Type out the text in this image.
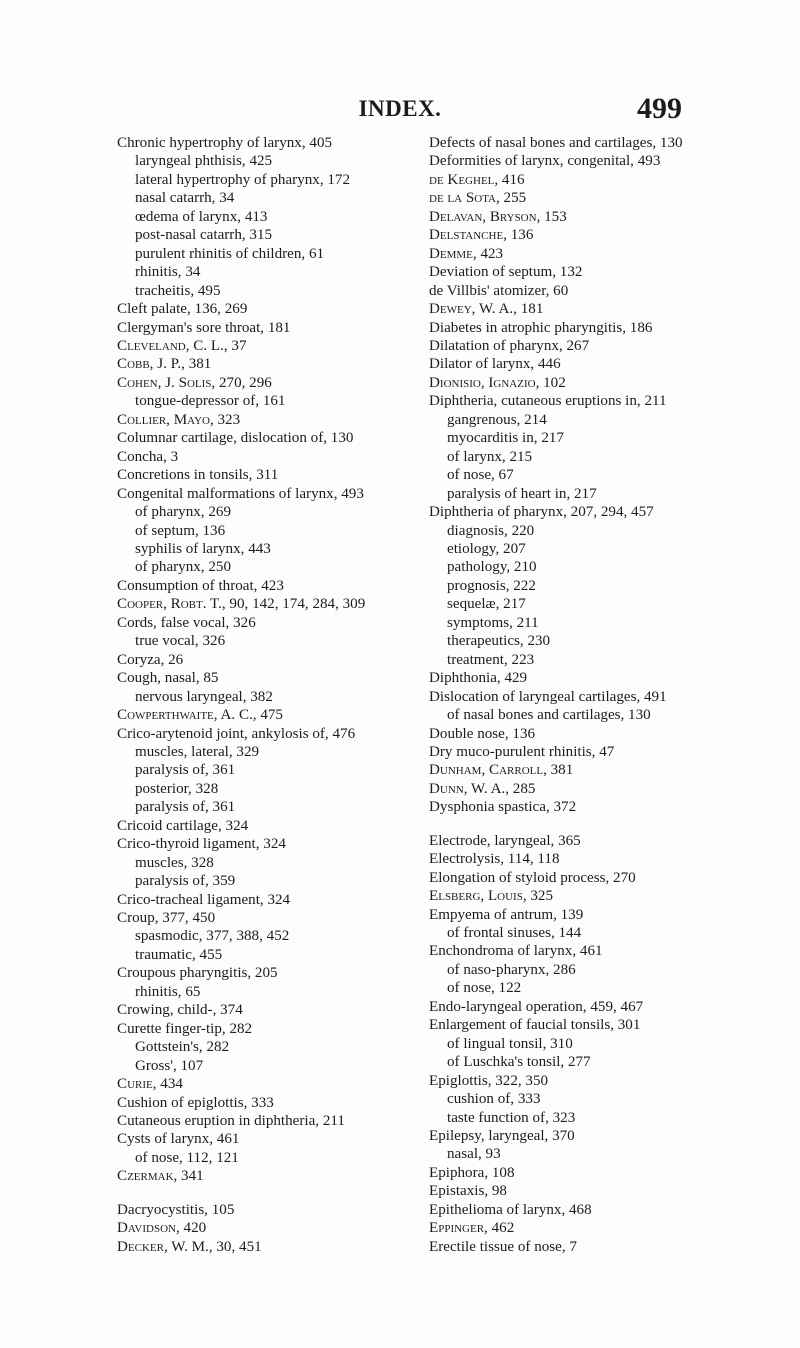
INDEX.	499
Chronic hypertrophy of larynx, 405
laryngeal phthisis, 425
lateral hypertrophy of pharynx, 172
nasal catarrh, 34
œdema of larynx, 413
post-nasal catarrh, 315
purulent rhinitis of children, 61
rhinitis, 34
tracheitis, 495
Cleft palate, 136, 269
Clergyman's sore throat, 181
Cleveland, C. L., 37
Cobb, J. P., 381
Cohen, J. Solis, 270, 296
tongue-depressor of, 161
Collier, Mayo, 323
Columnar cartilage, dislocation of, 130
Concha, 3
Concretions in tonsils, 311
Congenital malformations of larynx, 493
of pharynx, 269
of septum, 136
syphilis of larynx, 443
of pharynx, 250
Consumption of throat, 423
Cooper, Robt. T., 90, 142, 174, 284, 309
Cords, false vocal, 326
true vocal, 326
Coryza, 26
Cough, nasal, 85
nervous laryngeal, 382
Cowperthwaite, A. C., 475
Crico-arytenoid joint, ankylosis of, 476
muscles, lateral, 329
paralysis of, 361
posterior, 328
paralysis of, 361
Cricoid cartilage, 324
Crico-thyroid ligament, 324
muscles, 328
paralysis of, 359
Crico-tracheal ligament, 324
Croup, 377, 450
spasmodic, 377, 388, 452
traumatic, 455
Croupous pharyngitis, 205
rhinitis, 65
Crowing, child-, 374
Curette finger-tip, 282
Gottstein's, 282
Gross', 107
Curie, 434
Cushion of epiglottis, 333
Cutaneous eruption in diphtheria, 211
Cysts of larynx, 461
of nose, 112, 121
Czermak, 341
Dacryocystitis, 105
Davidson, 420
Decker, W. M., 30, 451
Defects of nasal bones and cartilages, 130
Deformities of larynx, congenital, 493
de Keghel, 416
de la Sota, 255
Delavan, Bryson, 153
Delstanche, 136
Demme, 423
Deviation of septum, 132
de Villbis' atomizer, 60
Dewey, W. A., 181
Diabetes in atrophic pharyngitis, 186
Dilatation of pharynx, 267
Dilator of larynx, 446
Dionisio, Ignazio, 102
Diphtheria, cutaneous eruptions in, 211
gangrenous, 214
myocarditis in, 217
of larynx, 215
of nose, 67
paralysis of heart in, 217
Diphtheria of pharynx, 207, 294, 457
diagnosis, 220
etiology, 207
pathology, 210
prognosis, 222
sequelæ, 217
symptoms, 211
therapeutics, 230
treatment, 223
Diphthonia, 429
Dislocation of laryngeal cartilages, 491
of nasal bones and cartilages, 130
Double nose, 136
Dry muco-purulent rhinitis, 47
Dunham, Carroll, 381
Dunn, W. A., 285
Dysphonia spastica, 372
Electrode, laryngeal, 365
Electrolysis, 114, 118
Elongation of styloid process, 270
Elsberg, Louis, 325
Empyema of antrum, 139
of frontal sinuses, 144
Enchondroma of larynx, 461
of naso-pharynx, 286
of nose, 122
Endo-laryngeal operation, 459, 467
Enlargement of faucial tonsils, 301
of lingual tonsil, 310
of Luschka's tonsil, 277
Epiglottis, 322, 350
cushion of, 333
taste function of, 323
Epilepsy, laryngeal, 370
nasal, 93
Epiphora, 108
Epistaxis, 98
Epithelioma of larynx, 468
Eppinger, 462
Erectile tissue of nose, 7
